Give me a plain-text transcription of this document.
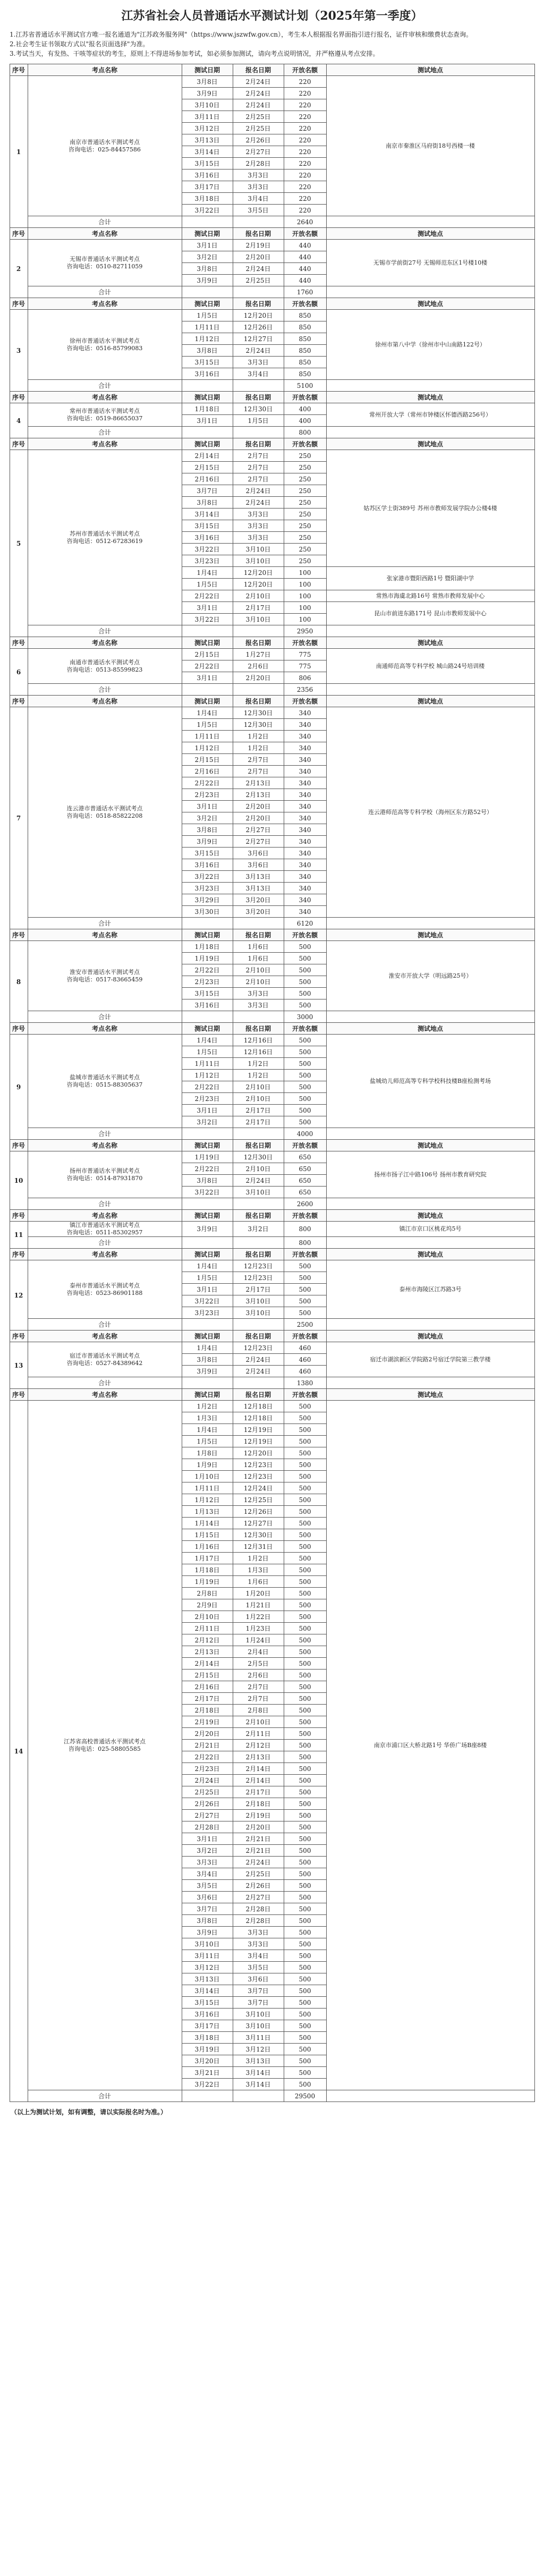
江苏省社会人员普通话水平测试计划（2025年第一季度）
1.江苏省普通话水平测试官方唯一报名通道为"江苏政务服务网"（https://www.jszwfw.gov.cn），考生本人根据报名界面指引进行报名，证件审核和缴费状态查询。
2.社会考生证书领取方式以"报名页面选择"为准。
3.考试当天，有发热、干咳等症状的考生，原则上不得进场参加考试，如必须参加测试，请向考点说明情况，并严格遵从考点安排。
序号	考点名称	测试日期	报名日期	开放名额	测试地点
1	南京市普通话水平测试考点
咨询电话：025-84457586	3月8日	2月24日	220	南京市秦淮区马府街18号西楼一楼
		3月9日	2月24日	220	
		3月10日	2月24日	220	
		3月11日	2月25日	220	
		3月12日	2月25日	220	
		3月13日	2月26日	220	
		3月14日	2月27日	220	
		3月15日	2月28日	220	
		3月16日	3月3日	220	
		3月17日	3月3日	220	
		3月18日	3月4日	220	
		3月22日	3月5日	220	
	合计			2640	
序号	考点名称	测试日期	报名日期	开放名额	测试地点
2	无锡市普通话水平测试考点
咨询电话：0510-82711059	3月1日	2月19日	440	无锡市学前街27号 无锡师范东区1号楼10楼
		3月2日	2月20日	440	
		3月8日	2月24日	440	
		3月9日	2月25日	440	
	合计			1760	
序号	考点名称	测试日期	报名日期	开放名额	测试地点
3	徐州市普通话水平测试考点
咨询电话：0516-85799083	1月5日	12月20日	850	徐州市第八中学（徐州市中山南路122号）
		1月11日	12月26日	850	
		1月12日	12月27日	850	
		3月8日	2月24日	850	
		3月15日	3月3日	850	
		3月16日	3月4日	850	
	合计			5100	
序号	考点名称	测试日期	报名日期	开放名额	测试地点
4	常州市普通话水平测试考点
咨询电话：0519-86655037	1月18日	12月30日	400	常州开放大学（常州市钟楼区怀德西路256号）
		3月1日	1月5日	400	
	合计			800	
序号	考点名称	测试日期	报名日期	开放名额	测试地点
5	苏州市普通话水平测试考点
咨询电话：0512-67283619	2月14日	2月7日	250	姑苏区学士街389号 苏州市教师发展学院办公楼4楼
		2月15日	2月7日	250	
		2月16日	2月7日	250	
		3月7日	2月24日	250	
		3月8日	2月24日	250	
		3月14日	3月3日	250	
		3月15日	3月3日	250	
		3月16日	3月3日	250	
		3月22日	3月10日	250	
		3月23日	3月10日	250	
		1月4日	12月20日	100	张家港市暨阳西路1号 暨阳湖中学
		1月5日	12月20日	100	
		2月22日	2月10日	100	常熟市海虞北路16号 常熟市教师发展中心
		3月1日	2月17日	100	昆山市前进东路171号 昆山市教师发展中心
		3月22日	3月10日	100	
	合计			2950	
序号	考点名称	测试日期	报名日期	开放名额	测试地点
6	南通市普通话水平测试考点
咨询电话：0513-85599823	2月15日	1月27日	775	南通师范高等专科学校 城山路24号培训楼
		2月22日	2月6日	775	
		3月1日	2月20日	806	
	合计			2356	
序号	考点名称	测试日期	报名日期	开放名额	测试地点
7	连云港市普通话水平测试考点
咨询电话：0518-85822208	1月4日	12月30日	340	连云港师范高等专科学校（海州区东方路52号）
		1月5日	12月30日	340	
		1月11日	1月2日	340	
		1月12日	1月2日	340	
		2月15日	2月7日	340	
		2月16日	2月7日	340	
		2月22日	2月13日	340	
		2月23日	2月13日	340	
		3月1日	2月20日	340	
		3月2日	2月20日	340	
		3月8日	2月27日	340	
		3月9日	2月27日	340	
		3月15日	3月6日	340	
		3月16日	3月6日	340	
		3月22日	3月13日	340	
		3月23日	3月13日	340	
		3月29日	3月20日	340	
		3月30日	3月20日	340	
	合计			6120	
序号	考点名称	测试日期	报名日期	开放名额	测试地点
8	淮安市普通话水平测试考点
咨询电话：0517-83665459	1月18日	1月6日	500	淮安市开放大学（明远路25号）
		1月19日	1月6日	500	
		2月22日	2月10日	500	
		2月23日	2月10日	500	
		3月15日	3月3日	500	
		3月16日	3月3日	500	
	合计			3000	
序号	考点名称	测试日期	报名日期	开放名额	测试地点
9	盐城市普通话水平测试考点
咨询电话：0515-88305637	1月4日	12月16日	500	盐城幼儿师范高等专科学校科技楼B座检测考场
		1月5日	12月16日	500	
		1月11日	1月2日	500	
		1月12日	1月2日	500	
		2月22日	2月10日	500	
		2月23日	2月10日	500	
		3月1日	2月17日	500	
		3月2日	2月17日	500	
	合计			4000	
序号	考点名称	测试日期	报名日期	开放名额	测试地点
10	扬州市普通话水平测试考点
咨询电话：0514-87931870	1月19日	12月30日	650	扬州市扬子江中路106号 扬州市教育研究院
		2月22日	2月10日	650	
		3月8日	2月24日	650	
		3月22日	3月10日	650	
	合计			2600	
序号	考点名称	测试日期	报名日期	开放名额	测试地点
11	镇江市普通话水平测试考点
咨询电话：0511-85302957	3月9日	3月2日	800	镇江市京口区桃花坞5号
	合计			800	
序号	考点名称	测试日期	报名日期	开放名额	测试地点
12	泰州市普通话水平测试考点
咨询电话：0523-86901188	1月4日	12月23日	500	泰州市海陵区江苏路3号
		1月5日	12月23日	500	
		3月1日	2月17日	500	
		3月22日	3月10日	500	
		3月23日	3月10日	500	
	合计			2500	
序号	考点名称	测试日期	报名日期	开放名额	测试地点
13	宿迁市普通话水平测试考点
咨询电话：0527-84389642	1月4日	12月23日	460	宿迁市湖滨新区学院路2号宿迁学院第三教学楼
		3月8日	2月24日	460	
		3月9日	2月24日	460	
	合计			1380	
序号	考点名称	测试日期	报名日期	开放名额	测试地点
14	江苏省高校普通话水平测试考点
咨询电话：025-58805585	1月2日	12月18日	500	南京市浦口区大桥北路1号 华侨广场B座8楼
		1月3日	12月18日	500	
		1月4日	12月19日	500	
		1月5日	12月19日	500	
		1月8日	12月20日	500	
		1月9日	12月23日	500	
		1月10日	12月23日	500	
		1月11日	12月24日	500	
		1月12日	12月25日	500	
		1月13日	12月26日	500	
		1月14日	12月27日	500	
		1月15日	12月30日	500	
		1月16日	12月31日	500	
		1月17日	1月2日	500	
		1月18日	1月3日	500	
		1月19日	1月6日	500	
		2月8日	1月20日	500	
		2月9日	1月21日	500	
		2月10日	1月22日	500	
		2月11日	1月23日	500	
		2月12日	1月24日	500	
		2月13日	2月4日	500	
		2月14日	2月5日	500	
		2月15日	2月6日	500	
		2月16日	2月7日	500	
		2月17日	2月7日	500	
		2月18日	2月8日	500	
		2月19日	2月10日	500	
		2月20日	2月11日	500	
		2月21日	2月12日	500	
		2月22日	2月13日	500	
		2月23日	2月14日	500	
		2月24日	2月14日	500	
		2月25日	2月17日	500	
		2月26日	2月18日	500	
		2月27日	2月19日	500	
		2月28日	2月20日	500	
		3月1日	2月21日	500	
		3月2日	2月21日	500	
		3月3日	2月24日	500	
		3月4日	2月25日	500	
		3月5日	2月26日	500	
		3月6日	2月27日	500	
		3月7日	2月28日	500	
		3月8日	2月28日	500	
		3月9日	3月3日	500	
		3月10日	3月3日	500	
		3月11日	3月4日	500	
		3月12日	3月5日	500	
		3月13日	3月6日	500	
		3月14日	3月7日	500	
		3月15日	3月7日	500	
		3月16日	3月10日	500	
		3月17日	3月10日	500	
		3月18日	3月11日	500	
		3月19日	3月12日	500	
		3月20日	3月13日	500	
		3月21日	3月14日	500	
		3月22日	3月14日	500	
	合计			29500	
（以上为测试计划，如有调整，请以实际报名时为准。）
